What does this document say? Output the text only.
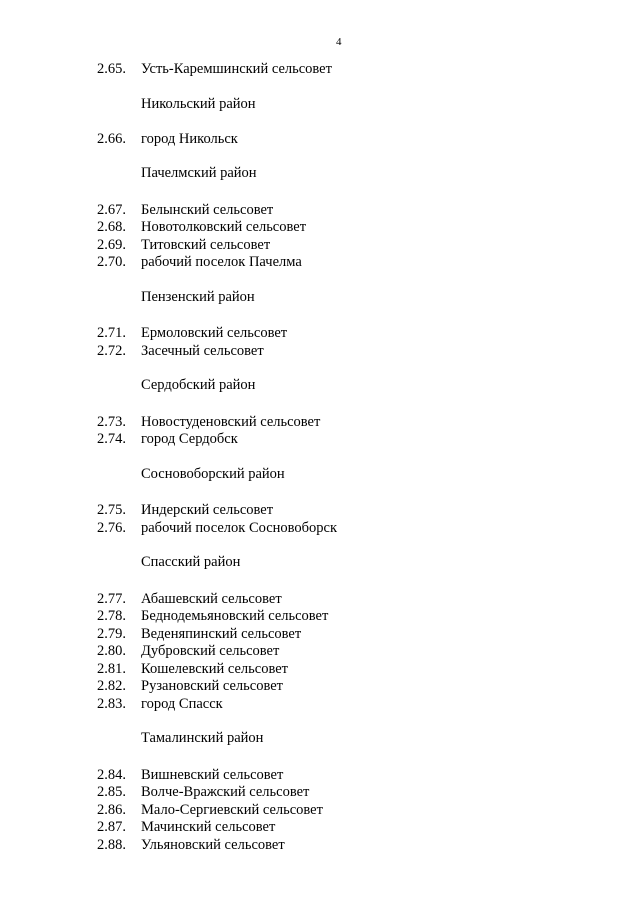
4
2.65.	Усть-Каремшинский сельсовет
Никольский район
2.66.	город Никольск
Пачелмский район
2.67.	Белынский сельсовет
2.68.	Новотолковский сельсовет
2.69.	Титовский сельсовет
2.70.	рабочий поселок Пачелма
Пензенский район
2.71.	Ермоловский сельсовет
2.72.	Засечный сельсовет
Сердобский район
2.73.	Новостуденовский сельсовет
2.74.	город Сердобск
Сосновоборский район
2.75.	Индерский сельсовет
2.76.	рабочий поселок Сосновоборск
Спасский район
2.77.	Абашевский сельсовет
2.78.	Беднодемьяновский сельсовет
2.79.	Веденяпинский сельсовет
2.80.	Дубровский сельсовет
2.81.	Кошелевский сельсовет
2.82.	Рузановский сельсовет
2.83.	город Спасск
Тамалинский район
2.84.	Вишневский сельсовет
2.85.	Волче-Вражский сельсовет
2.86.	Мало-Сергиевский сельсовет
2.87.	Мачинский сельсовет
2.88.	Ульяновский сельсовет
